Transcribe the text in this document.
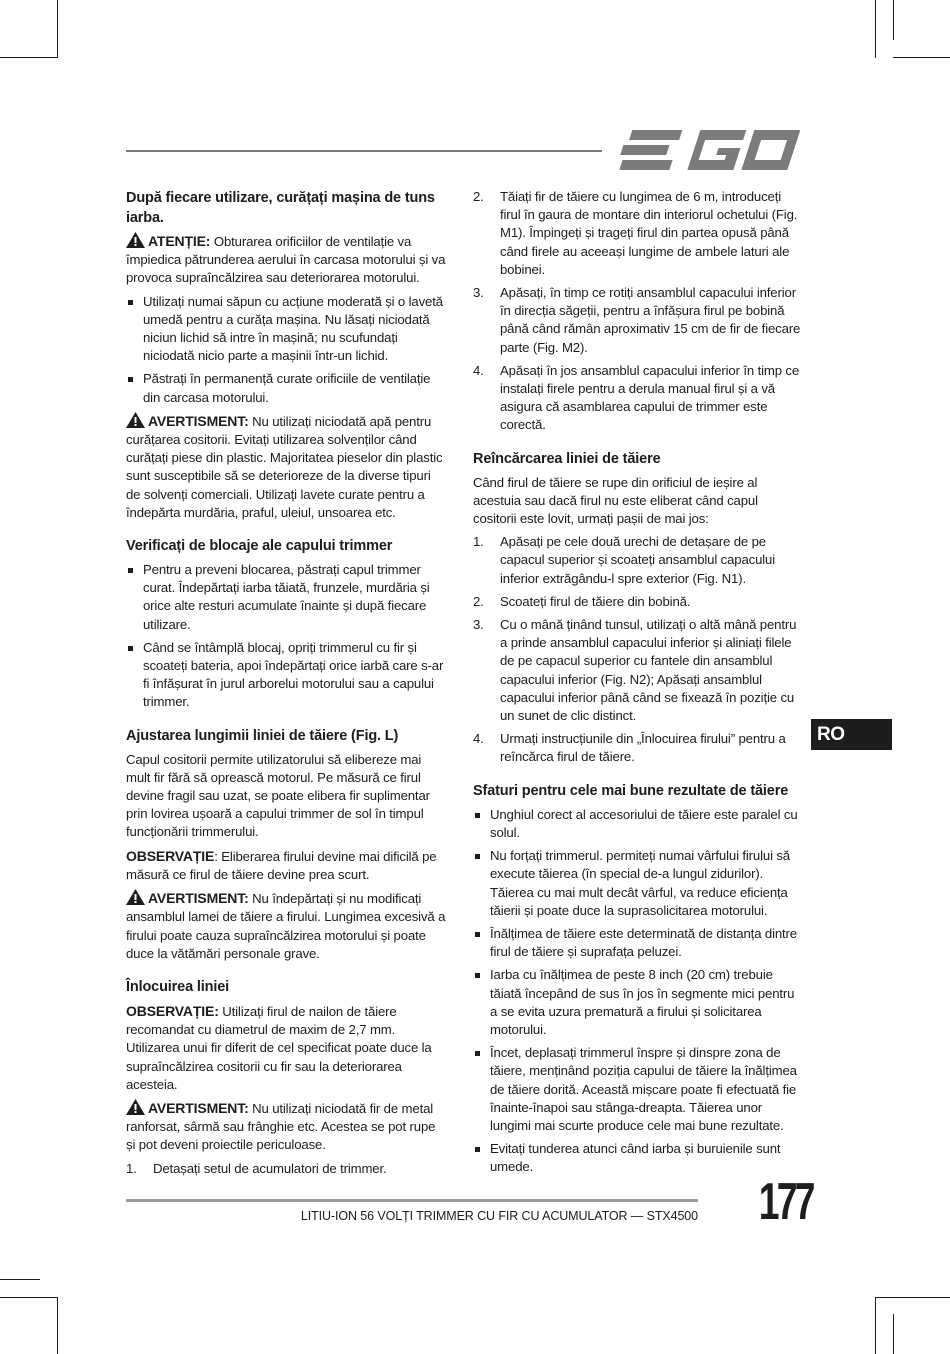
După fiecare utilizare, curățați mașina de tuns iarba.
ATENȚIE: Obturarea orificiilor de ventilație va împiedica pătrunderea aerului în carcasa motorului și va provoca supraîncălzirea sau deteriorarea motorului.
Utilizați numai săpun cu acțiune moderată și o lavetă umedă pentru a curăța mașina. Nu lăsați niciodată niciun lichid să intre în mașină; nu scufundați niciodată nicio parte a mașinii într-un lichid.
Păstrați în permanență curate orificiile de ventilație din carcasa motorului.
AVERTISMENT: Nu utilizați niciodată apă pentru curățarea cositorii. Evitați utilizarea solvenților când curățați piese din plastic. Majoritatea pieselor din plastic sunt susceptibile să se deterioreze de la diverse tipuri de solvenți comerciali. Utilizați lavete curate pentru a îndepărta murdăria, praful, uleiul, unsoarea etc.
Verificați de blocaje ale capului trimmer
Pentru a preveni blocarea, păstrați capul trimmer curat. Îndepărtați iarba tăiată, frunzele, murdăria și orice alte resturi acumulate înainte și după fiecare utilizare.
Când se întâmplă blocaj, opriți trimmerul cu fir și scoateți bateria, apoi îndepărtați orice iarbă care s-ar fi înfășurat în jurul arborelui motorului sau a capului trimmer.
Ajustarea lungimii liniei de tăiere (Fig. L)
Capul cositorii permite utilizatorului să elibereze mai mult fir fără să oprească motorul. Pe măsură ce firul devine fragil sau uzat, se poate elibera fir suplimentar prin lovirea ușoară a capului trimmer de sol în timpul funcționării trimmerului.
OBSERVAȚIE: Eliberarea firului devine mai dificilă pe măsură ce firul de tăiere devine prea scurt.
AVERTISMENT: Nu îndepărtați și nu modificați ansamblul lamei de tăiere a firului. Lungimea excesivă a firului poate cauza supraîncălzirea motorului și poate duce la vătămări personale grave.
Înlocuirea liniei
OBSERVAȚIE: Utilizați firul de nailon de tăiere recomandat cu diametrul de maxim de 2,7 mm. Utilizarea unui fir diferit de cel specificat poate duce la supraîncălzirea cositorii cu fir sau la deteriorarea acesteia.
AVERTISMENT: Nu utilizați niciodată fir de metal ranforsat, sârmă sau frânghie etc. Acestea se pot rupe și pot deveni proiectile periculoase.
1. Detașați setul de acumulatori de trimmer.
2. Tăiați fir de tăiere cu lungimea de 6 m, introduceți firul în gaura de montare din interiorul ochetului (Fig. M1). Împingeți și trageți firul din partea opusă până când firele au aceeași lungime de ambele laturi ale bobinei.
3. Apăsați, în timp ce rotiți ansamblul capacului inferior în direcția săgeții, pentru a înfășura firul pe bobină până când rămân aproximativ 15 cm de fir de fiecare parte (Fig. M2).
4. Apăsați în jos ansamblul capacului inferior în timp ce instalați firele pentru a derula manual firul și a vă asigura că asamblarea capului de trimmer este corectă.
Reîncărcarea liniei de tăiere
Când firul de tăiere se rupe din orificiul de ieșire al acestuia sau dacă firul nu este eliberat când capul cositorii este lovit, urmați pașii de mai jos:
1. Apăsați pe cele două urechi de detașare de pe capacul superior și scoateți ansamblul capacului inferior extrăgându-l spre exterior (Fig. N1).
2. Scoateți firul de tăiere din bobină.
3. Cu o mână ținând tunsul, utilizați o altă mână pentru a prinde ansamblul capacului inferior și aliniați filele de pe capacul superior cu fantele din ansamblul capacului inferior (Fig. N2); Apăsați ansamblul capacului inferior până când se fixează în poziție cu un sunet de clic distinct.
4. Urmați instrucțiunile din „Înlocuirea firului” pentru a reîncărca firul de tăiere.
Sfaturi pentru cele mai bune rezultate de tăiere
Unghiul corect al accesoriului de tăiere este paralel cu solul.
Nu forțați trimmerul. permiteți numai vârfului firului să execute tăierea (în special de-a lungul zidurilor). Tăierea cu mai mult decât vârful, va reduce eficiența tăierii și poate duce la suprasolicitarea motorului.
Înălțimea de tăiere este determinată de distanța dintre firul de tăiere și suprafața peluzei.
Iarba cu înălțimea de peste 8 inch (20 cm) trebuie tăiată începând de sus în jos în segmente mici pentru a se evita uzura prematură a firului și solicitarea motorului.
Încet, deplasați trimmerul înspre și dinspre zona de tăiere, menținând poziția capului de tăiere la înălțimea de tăiere dorită. Această mișcare poate fi efectuată fie înainte-înapoi sau stânga-dreapta. Tăierea unor lungimi mai scurte produce cele mai bune rezultate.
Evitați tunderea atunci când iarba și buruienile sunt umede.
RO
LITIU-ION 56 VOLȚI TRIMMER CU FIR CU ACUMULATOR — STX4500 177
